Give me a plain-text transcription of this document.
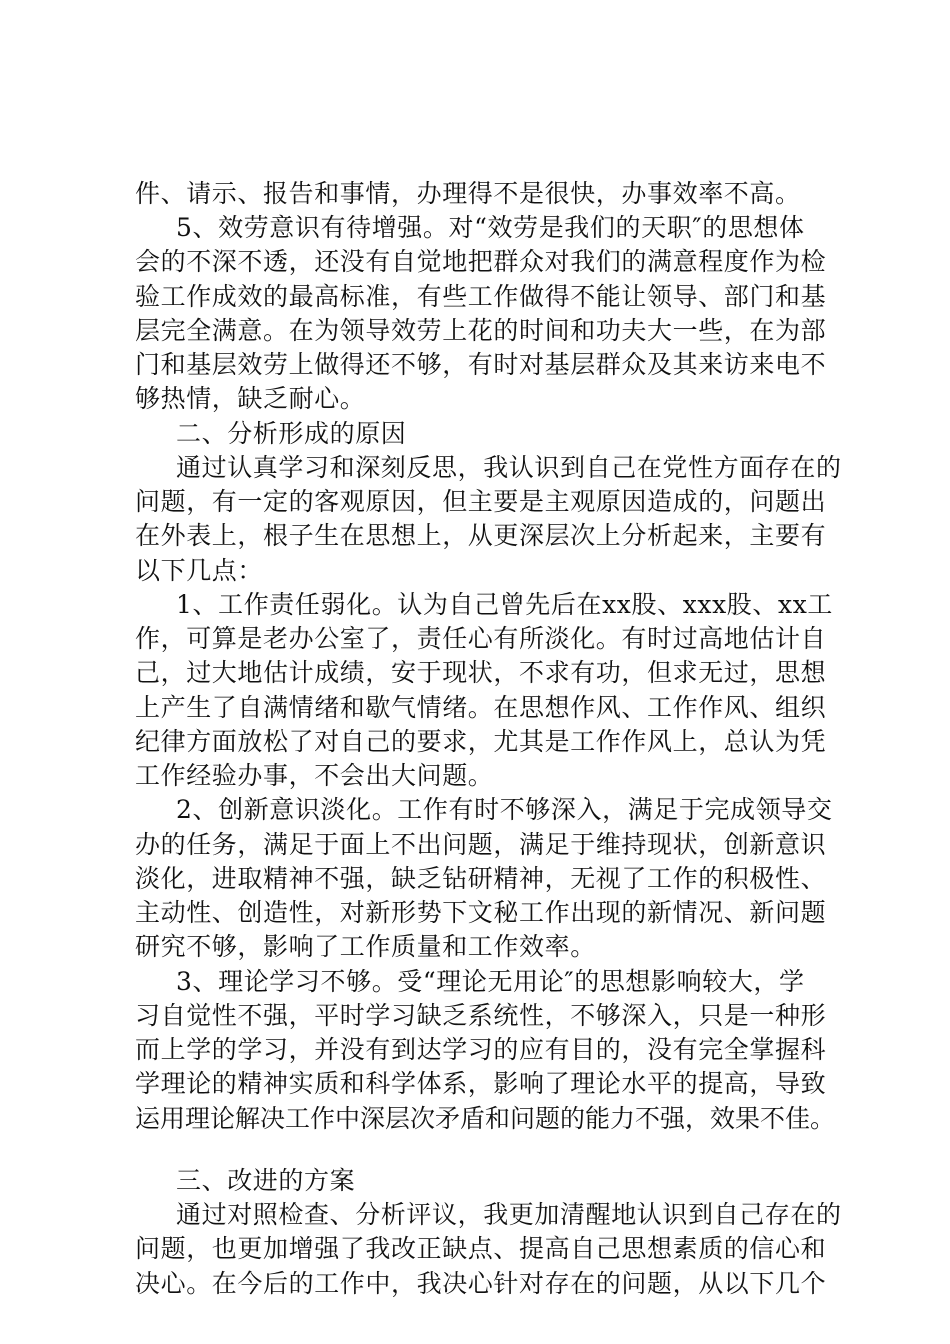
件、请示、报告和事情，办理得不是很快，办事效率不高。
5、效劳意识有待增强。对“效劳是我们的天职″的思想体
会的不深不透，还没有自觉地把群众对我们的满意程度作为检
验工作成效的最高标准，有些工作做得不能让领导、部门和基
层完全满意。在为领导效劳上花的时间和功夫大一些，在为部
门和基层效劳上做得还不够，有时对基层群众及其来访来电不
够热情，缺乏耐心。
二、分析形成的原因
通过认真学习和深刻反思，我认识到自己在党性方面存在的
问题，有一定的客观原因，但主要是主观原因造成的，问题出
在外表上，根子生在思想上，从更深层次上分析起来，主要有
以下几点：
1、工作责任弱化。认为自己曾先后在xx股、xxx股、xx工
作，可算是老办公室了，责任心有所淡化。有时过高地估计自
己，过大地估计成绩，安于现状，不求有功，但求无过，思想
上产生了自满情绪和歇气情绪。在思想作风、工作作风、组织
纪律方面放松了对自己的要求，尤其是工作作风上，总认为凭
工作经验办事，不会出大问题。
2、创新意识淡化。工作有时不够深入，满足于完成领导交
办的任务，满足于面上不出问题，满足于维持现状，创新意识
淡化，进取精神不强，缺乏钻研精神，无视了工作的积极性、
主动性、创造性，对新形势下文秘工作出现的新情况、新问题
研究不够，影响了工作质量和工作效率。
3、理论学习不够。受“理论无用论″的思想影响较大，学
习自觉性不强，平时学习缺乏系统性，不够深入，只是一种形
而上学的学习，并没有到达学习的应有目的，没有完全掌握科
学理论的精神实质和科学体系，影响了理论水平的提高，导致
运用理论解决工作中深层次矛盾和问题的能力不强，效果不佳。
三、改进的方案
通过对照检查、分析评议，我更加清醒地认识到自己存在的
问题，也更加增强了我改正缺点、提高自己思想素质的信心和
决心。在今后的工作中，我决心针对存在的问题，从以下几个
